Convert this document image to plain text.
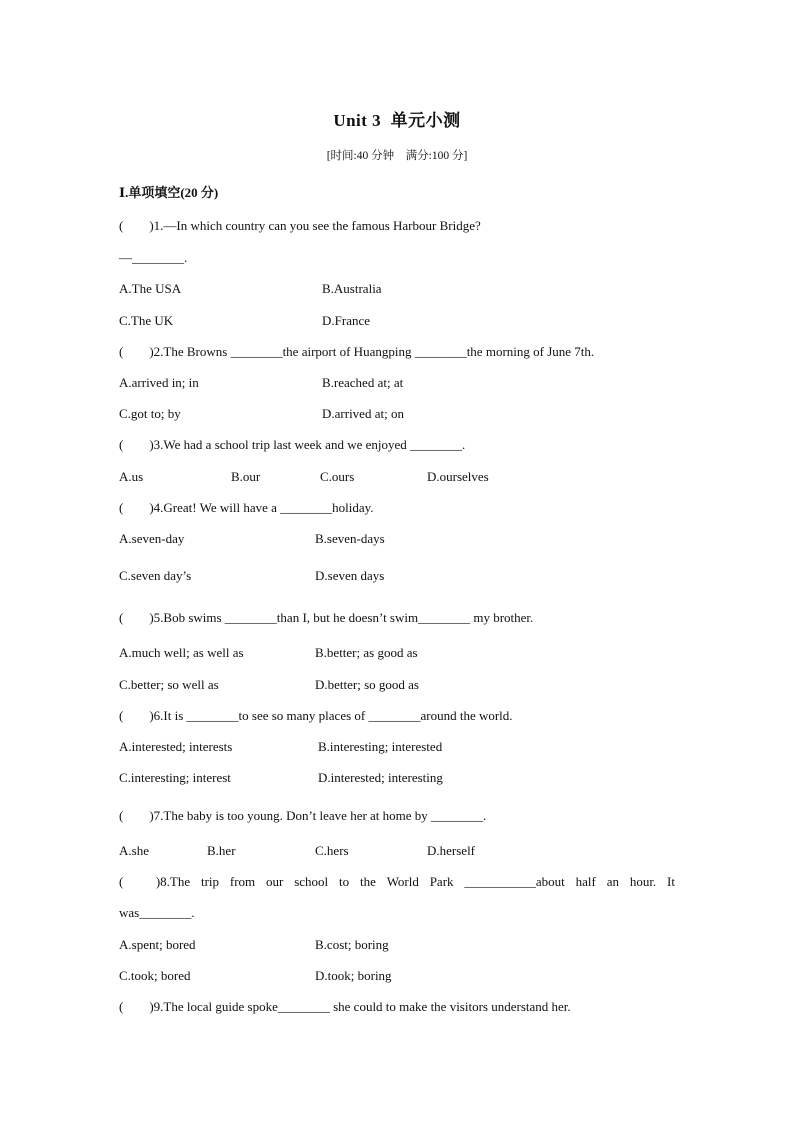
Unit 3  单元小测
[时间:40 分钟    满分:100 分]
Ⅰ.单项填空(20 分)
(        )1.—In which country can you see the famous Harbour Bridge?
—________.
A.The USA	B.Australia
C.The UK	D.France
(        )2.The Browns ________the airport of Huangping ________the morning of June 7th.
A.arrived in; in	B.reached at; at
C.got to; by	D.arrived at; on
(        )3.We had a school trip last week and we enjoyed ________.
A.us	B.our	C.ours	D.ourselves
(        )4.Great! We will have a ________holiday.
A.seven-day	B.seven-days
C.seven day’s	D.seven days
(        )5.Bob swims ________than I, but he doesn’t swim________ my brother.
A.much well; as well as	B.better; as good as
C.better; so well as	D.better; so good as
(        )6.It is ________to see so many places of ________around the world.
A.interested; interests	B.interesting; interested
C.interesting; interest	D.interested; interesting
(        )7.The baby is too young. Don’t leave her at home by ________.
A.she	B.her	C.hers	D.herself
(          )8.The trip from our school to the World Park ___________about half an hour. It
was________.
A.spent; bored	B.cost; boring
C.took; bored	D.took; boring
(        )9.The local guide spoke________ she could to make the visitors understand her.
